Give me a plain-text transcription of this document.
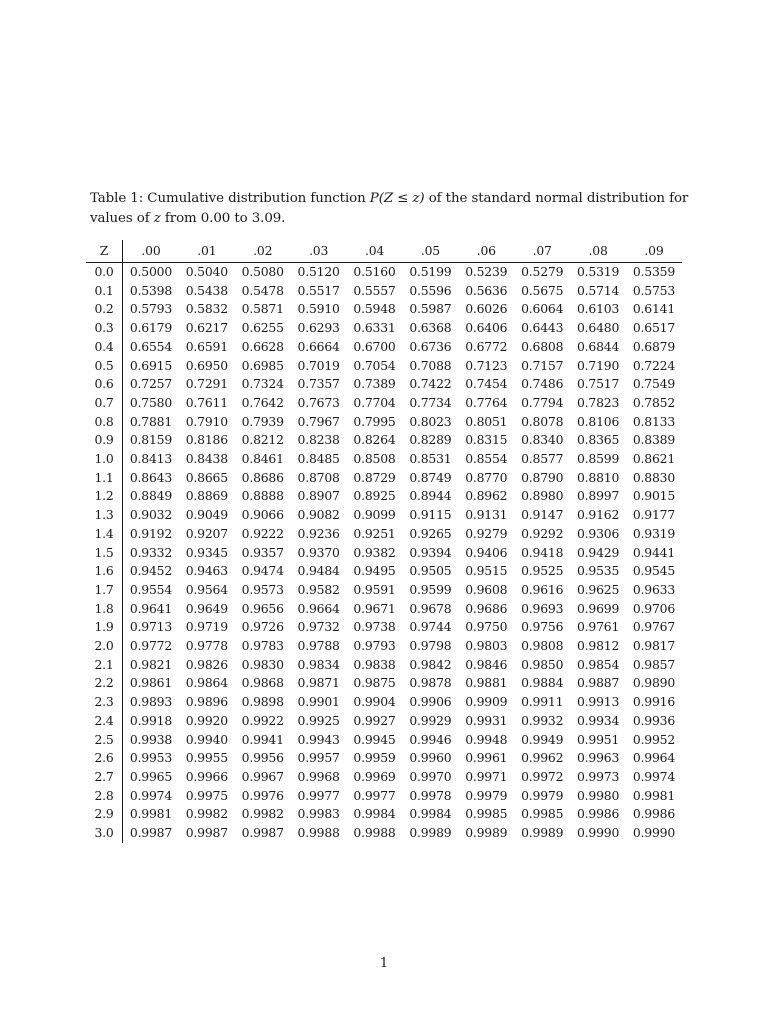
Table 1: Cumulative distribution function P(Z ≤ z) of the standard normal distribution for values of z from 0.00 to 3.09.
Z	.00	.01	.02	.03	.04	.05	.06	.07	.08	.09
0.0	0.5000	0.5040	0.5080	0.5120	0.5160	0.5199	0.5239	0.5279	0.5319	0.5359
0.1	0.5398	0.5438	0.5478	0.5517	0.5557	0.5596	0.5636	0.5675	0.5714	0.5753
0.2	0.5793	0.5832	0.5871	0.5910	0.5948	0.5987	0.6026	0.6064	0.6103	0.6141
0.3	0.6179	0.6217	0.6255	0.6293	0.6331	0.6368	0.6406	0.6443	0.6480	0.6517
0.4	0.6554	0.6591	0.6628	0.6664	0.6700	0.6736	0.6772	0.6808	0.6844	0.6879
0.5	0.6915	0.6950	0.6985	0.7019	0.7054	0.7088	0.7123	0.7157	0.7190	0.7224
0.6	0.7257	0.7291	0.7324	0.7357	0.7389	0.7422	0.7454	0.7486	0.7517	0.7549
0.7	0.7580	0.7611	0.7642	0.7673	0.7704	0.7734	0.7764	0.7794	0.7823	0.7852
0.8	0.7881	0.7910	0.7939	0.7967	0.7995	0.8023	0.8051	0.8078	0.8106	0.8133
0.9	0.8159	0.8186	0.8212	0.8238	0.8264	0.8289	0.8315	0.8340	0.8365	0.8389
1.0	0.8413	0.8438	0.8461	0.8485	0.8508	0.8531	0.8554	0.8577	0.8599	0.8621
1.1	0.8643	0.8665	0.8686	0.8708	0.8729	0.8749	0.8770	0.8790	0.8810	0.8830
1.2	0.8849	0.8869	0.8888	0.8907	0.8925	0.8944	0.8962	0.8980	0.8997	0.9015
1.3	0.9032	0.9049	0.9066	0.9082	0.9099	0.9115	0.9131	0.9147	0.9162	0.9177
1.4	0.9192	0.9207	0.9222	0.9236	0.9251	0.9265	0.9279	0.9292	0.9306	0.9319
1.5	0.9332	0.9345	0.9357	0.9370	0.9382	0.9394	0.9406	0.9418	0.9429	0.9441
1.6	0.9452	0.9463	0.9474	0.9484	0.9495	0.9505	0.9515	0.9525	0.9535	0.9545
1.7	0.9554	0.9564	0.9573	0.9582	0.9591	0.9599	0.9608	0.9616	0.9625	0.9633
1.8	0.9641	0.9649	0.9656	0.9664	0.9671	0.9678	0.9686	0.9693	0.9699	0.9706
1.9	0.9713	0.9719	0.9726	0.9732	0.9738	0.9744	0.9750	0.9756	0.9761	0.9767
2.0	0.9772	0.9778	0.9783	0.9788	0.9793	0.9798	0.9803	0.9808	0.9812	0.9817
2.1	0.9821	0.9826	0.9830	0.9834	0.9838	0.9842	0.9846	0.9850	0.9854	0.9857
2.2	0.9861	0.9864	0.9868	0.9871	0.9875	0.9878	0.9881	0.9884	0.9887	0.9890
2.3	0.9893	0.9896	0.9898	0.9901	0.9904	0.9906	0.9909	0.9911	0.9913	0.9916
2.4	0.9918	0.9920	0.9922	0.9925	0.9927	0.9929	0.9931	0.9932	0.9934	0.9936
2.5	0.9938	0.9940	0.9941	0.9943	0.9945	0.9946	0.9948	0.9949	0.9951	0.9952
2.6	0.9953	0.9955	0.9956	0.9957	0.9959	0.9960	0.9961	0.9962	0.9963	0.9964
2.7	0.9965	0.9966	0.9967	0.9968	0.9969	0.9970	0.9971	0.9972	0.9973	0.9974
2.8	0.9974	0.9975	0.9976	0.9977	0.9977	0.9978	0.9979	0.9979	0.9980	0.9981
2.9	0.9981	0.9982	0.9982	0.9983	0.9984	0.9984	0.9985	0.9985	0.9986	0.9986
3.0	0.9987	0.9987	0.9987	0.9988	0.9988	0.9989	0.9989	0.9989	0.9990	0.9990
1
